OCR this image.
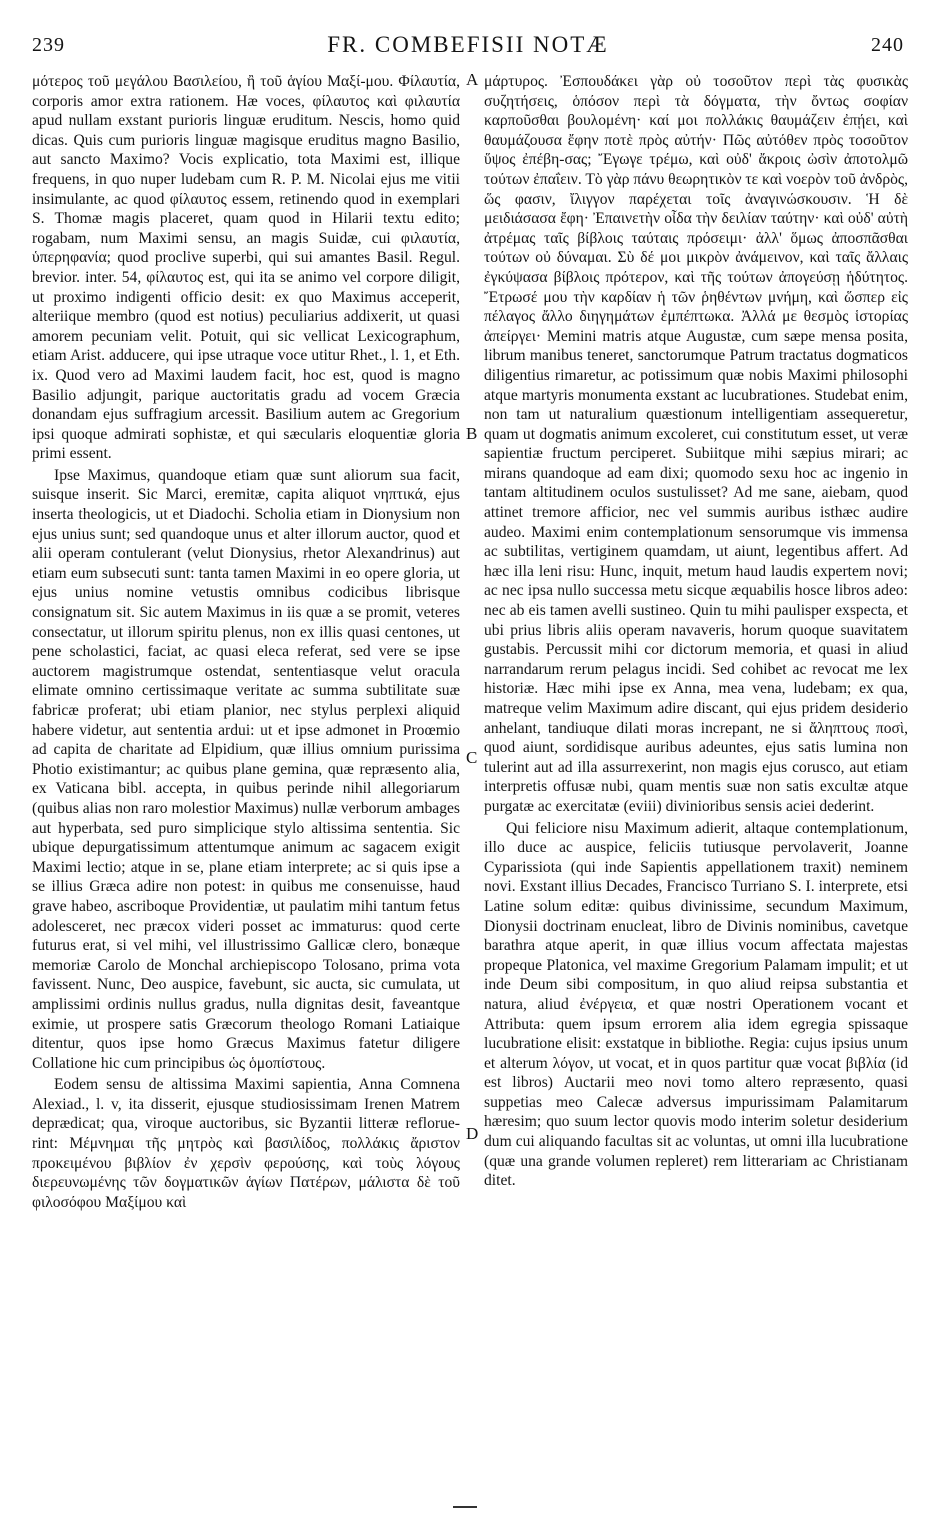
239	FR. COMBEFISII NOTÆ	240

μότερος τοῦ μεγάλου Βασιλείου, ἢ τοῦ ἁγίου Μαξί-μου. Φίλαυτία, corporis amor extra rationem. Hæ voces, φίλαυτος καὶ φιλαυτία apud nullam exstant purioris linguæ eruditum. Nescis, homo quid dicas. Quis cum purioris linguæ magisque eruditus magno Basilio, aut sancto Maximo? Vocis explicatio, tota Maximi est, illique frequens, in quo nuper ludebam cum R. P. M. Nicolai ejus me vitii insimulante, ac quod φίλαυτος essem, retinendo quod in exemplari S. Thomæ magis placeret, quam quod in Hilarii textu edito; rogabam, num Maximi sensu, an magis Suidæ, cui φιλαυτία, ὑπερηφανία; quod proclive superbi, qui sui amantes Basil. Regul. brevior. inter. 54, φίλαυτος est, qui ita se animo vel corpore diligit, ut proximo indigenti officio desit: ex quo Maximus acceperit, alteriique membro (quod est notius) peculiarius addixerit, ut quasi amorem pecuniam velit. Potuit, qui sic vellicat Lexicographum, etiam Arist. adducere, qui ipse utraque voce utitur Rhet., l. 1, et Eth. ix. Quod vero ad Maximi laudem facit, hoc est, quod is magno Basilio adjungit, parique auctoritatis gradu ad vocem Græcia donandam ejus suffragium arcessit. Basilium autem ac Gregorium ipsi quoque admirati sophistæ, et qui sæcularis eloquentiæ gloria primi essent.

Ipse Maximus, quandoque etiam quæ sunt aliorum sua facit, suisque inserit. Sic Marci, eremitæ, capita aliquot νηπτικά, ejus inserta theologicis, ut et Diadochi. Scholia etiam in Dionysium non ejus unius sunt; sed quandoque unus et alter illorum auctor, quod et alii operam contulerant (velut Dionysius, rhetor Alexandrinus) aut etiam eum subsecuti sunt: tanta tamen Maximi in eo opere gloria, ut ejus unius nomine vetustis omnibus codicibus librisque consignatum sit. Sic autem Maximus in iis quæ a se promit, veteres consectatur, ut illorum spiritu plenus, non ex illis quasi centones, ut pene scholastici, faciat, ac quasi eleca referat, sed vere se ipse auctorem magistrumque ostendat, sententiasque velut oracula elimate omnino certissimaque veritate ac summa subtilitate suæ fabricæ proferat; ubi etiam planior, nec stylus perplexi aliquid habere videtur, aut sententia ardui: ut et ipse admonet in Proœmio ad capita de charitate ad Elpidium, quæ illius omnium purissima Photio existimantur; ac quibus plane gemina, quæ repræsento alia, ex Vaticana bibl. accepta, in quibus perinde nihil allegoriarum (quibus alias non raro molestior Maximus) nullæ verborum ambages aut hyperbata, sed puro simplicique stylo altissima sententia. Sic ubique depurgatissimum attentumque animum ac sagacem exigit Maximi lectio; atque in se, plane etiam interprete; ac si quis ipse a se illius Græca adire non potest: in quibus me consenuisse, haud grave habeo, ascriboque Providentiæ, ut paulatim mihi tantum fetus adolesceret, nec præcox videri posset ac immaturus: quod certe futurus erat, si vel mihi, vel illustrissimo Gallicæ clero, bonæque memoriæ Carolo de Monchal archiepiscopo Tolosano, prima vota favissent. Nunc, Deo auspice, favebunt, sic aucta, sic cumulata, ut amplissimi ordinis nullus gradus, nulla dignitas desit, faveantque eximie, ut prospere satis Græcorum theologo Romani Latiaique ditentur, quos ipse homo Græcus Maximus fatetur diligere Collatione hic cum principibus ὡς ὁμοπίστους.

Eodem sensu de altissima Maximi sapientia, Anna Comnena Alexiad., l. v, ita disserit, ejusque studiosissimam Irenen Matrem deprædicat; qua, viroque auctoribus, sic Byzantii litteræ reflorue-rint: Μέμνημαι τῆς μητρὸς καὶ βασιλίδος, πολλάκις ἄριστον προκειμένου βιβλίον ἐν χερσὶν φερούσης, καὶ τοὺς λόγους διερευνωμένης τῶν δογματικῶν ἁγίων Πατέρων, μάλιστα δὲ τοῦ φιλοσόφου Μαξίμου καὶ

A
B
C
D

μάρτυρος. Ἐσπουδάκει γὰρ οὐ τοσοῦτον περὶ τὰς φυσικὰς συζητήσεις, ὁπόσον περὶ τὰ δόγματα, τὴν ὄντως σοφίαν καρποῦσθαι βουλομένη· καί μοι πολλάκις θαυμάζειν ἐπῄει, καὶ θαυμάζουσα ἔφην ποτὲ πρὸς αὐτήν· Πῶς αὐτόθεν πρὸς τοσοῦτον ὕψος ἐπέβη-σας; Ἔγωγε τρέμω, καὶ οὐδ' ἄκροις ὠσὶν ἀποτολμῶ τούτων ἐπαΐειν. Τὸ γὰρ πάνυ θεωρητικὸν τε καὶ νοερὸν τοῦ ἀνδρὸς, ὥς φασιν, ἴλιγγον παρέχεται τοῖς ἀναγινώσκουσιν. Ἡ δὲ μειδιάσασα ἔφη· Ἐπαινετὴν οἶδα τὴν δειλίαν ταύτην· καὶ οὐδ' αὐτὴ ἀτρέμας ταῖς βίβλοις ταύταις πρόσειμι· ἀλλ' ὅμως ἀποσπᾶσθαι τούτων οὐ δύναμαι. Σὺ δέ μοι μικρὸν ἀνάμεινον, καὶ ταῖς ἄλλαις ἐγκύψασα βίβλοις πρότερον, καὶ τῆς τούτων ἀπογεύσῃ ἡδύτητος. Ἔτρωσέ μου τὴν καρδίαν ἡ τῶν ῥηθέντων μνήμη, καὶ ὥσπερ εἰς πέλαγος ἄλλο διηγημάτων ἐμπέπτωκα. Ἀλλά με θεσμὸς ἱστορίας ἀπείργει· Memini matris atque Augustæ, cum sæpe mensa posita, librum manibus teneret, sanctorumque Patrum tractatus dogmaticos diligentius rimaretur, ac potissimum quæ nobis Maximi philosophi atque martyris monumenta exstant ac lucubrationes. Studebat enim, non tam ut naturalium quæstionum intelligentiam assequeretur, quam ut dogmatis animum excoleret, cui constitutum esset, ut veræ sapientiæ fructum perciperet. Subiitque mihi sæpius mirari; ac mirans quandoque ad eam dixi; quomodo sexu hoc ac ingenio in tantam altitudinem oculos sustulisset? Ad me sane, aiebam, quod attinet tremore afficior, nec vel summis auribus isthæc audire audeo. Maximi enim contemplationum sensorumque vis immensa ac subtilitas, vertiginem quamdam, ut aiunt, legentibus affert. Ad hæc illa leni risu: Hunc, inquit, metum haud laudis expertem novi; ac nec ipsa nullo successa metu sicque æquabilis hosce libros adeo: nec ab eis tamen avelli sustineo. Quin tu mihi paulisper exspecta, et ubi prius libris aliis operam navaveris, horum quoque suavitatem gustabis. Percussit mihi cor dictorum memoria, et quasi in aliud narrandarum rerum pelagus incidi. Sed cohibet ac revocat me lex historiæ. Hæc mihi ipse ex Anna, mea vena, ludebam; ex qua, matreque velim Maximum adire discant, qui ejus pridem desiderio anhelant, tandiuque dilati moras increpant, ne si ἄληπτους ποσὶ, quod aiunt, sordidisque auribus adeuntes, ejus satis lumina non tulerint aut ad illa assurrexerint, non magis ejus corusco, aut etiam interpretis offusæ nubi, quam mentis suæ non satis excultæ atque purgatæ ac exercitatæ (eviii) divinioribus sensis aciei dederint.

Qui feliciore nisu Maximum adierit, altaque contemplationum, illo duce ac auspice, feliciis tutiusque pervolaverit, Joanne Cyparissiota (qui inde Sapientis appellationem traxit) neminem novi. Exstant illius Decades, Francisco Turriano S. I. interprete, etsi Latine solum editæ: quibus divinissime, secundum Maximum, Dionysii doctrinam enucleat, libro de Divinis nominibus, cavetque barathra atque aperit, in quæ illius vocum affectata majestas propeque Platonica, vel maxime Gregorium Palamam impulit; et ut inde Deum sibi compositum, in quo aliud reipsa substantia et natura, aliud ἐνέργεια, et quæ nostri Operationem vocant et Attributa: quem ipsum errorem alia idem egregia spissaque lucubratione elisit: exstatque in bibliothe. Regia: cujus ipsius unum et alterum λόγον, ut vocat, et in quos partitur quæ vocat βιβλία (id est libros) Auctarii meo novi tomo altero repræsento, quasi suppetias meo Calecæ adversus impurissimam Palamitarum hæresim; quo suum lector quovis modo interim soletur desiderium dum cui aliquando facultas sit ac voluntas, ut omni illa lucubratione (quæ una grande volumen repleret) rem litterariam ac Christianam ditet.
